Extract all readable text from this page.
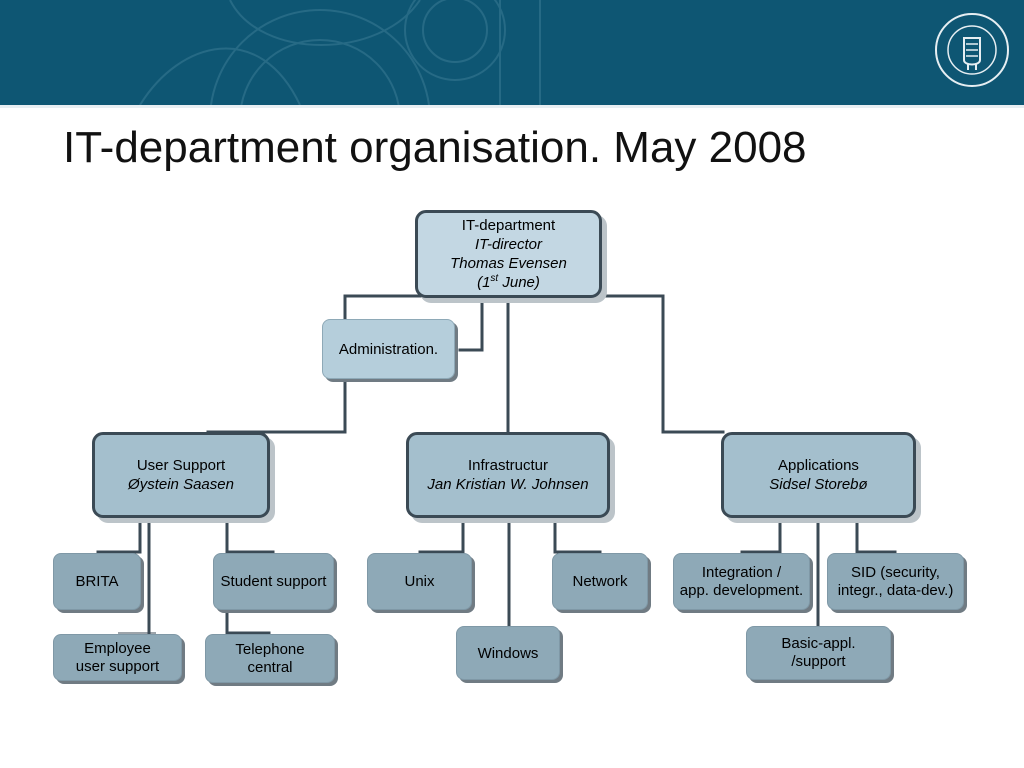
IT-department organisation. May 2008
IT-department
IT-director
Thomas Evensen
(1st June)
Administration.
User Support
Øystein Saasen
Infrastructur
Jan Kristian W. Johnsen
Applications
Sidsel Storebø
BRITA	Student support
Employee
user support
Telephone
central
Unix	Network
Windows
Integration /
app. development.
SID (security,
integr., data-dev.)
Basic-appl.
/support
